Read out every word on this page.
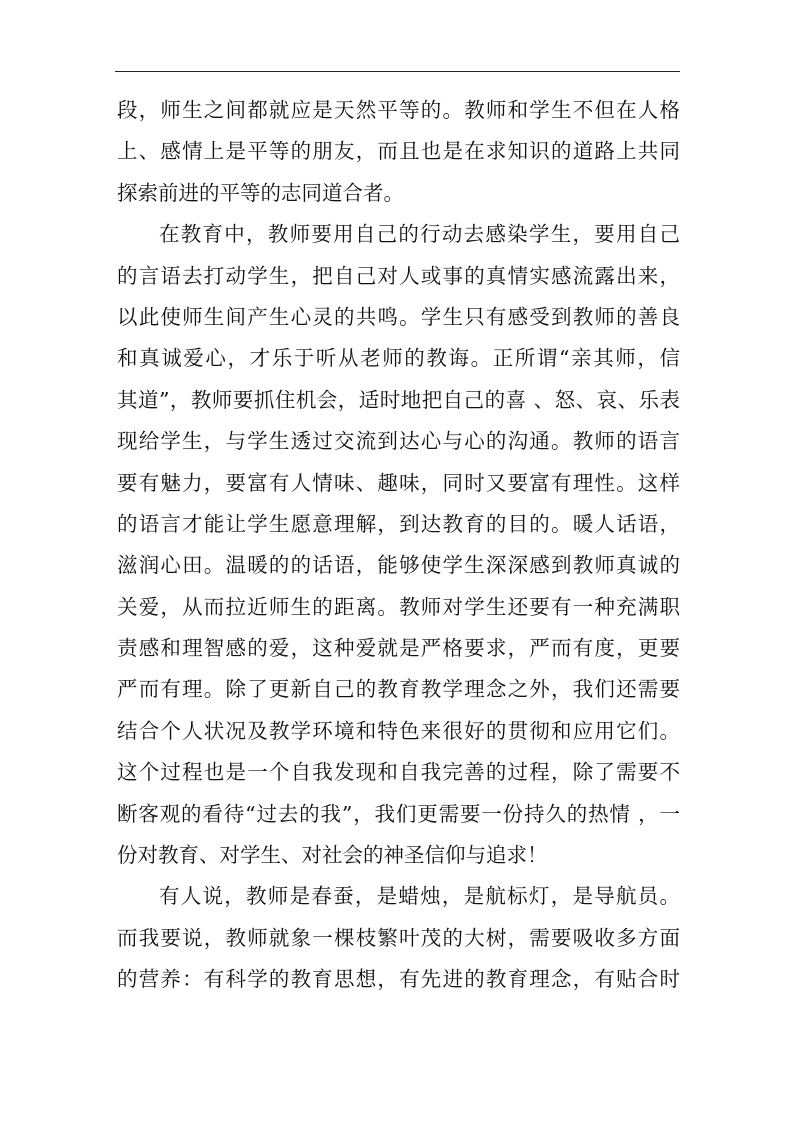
段，师生之间都就应是天然平等的。教师和学生不但在人格
上、感情上是平等的朋友，而且也是在求知识的道路上共同
探索前进的平等的志同道合者。
在教育中，教师要用自己的行动去感染学生，要用自己
的言语去打动学生，把自己对人或事的真情实感流露出来，
以此使师生间产生心灵的共鸣。学生只有感受到教师的善良
和真诚爱心，才乐于听从老师的教诲。正所谓“亲其师，信
其道”，教师要抓住机会，适时地把自己的喜 、怒、哀、乐表
现给学生，与学生透过交流到达心与心的沟通。教师的语言
要有魅力，要富有人情味、趣味，同时又要富有理性。这样
的语言才能让学生愿意理解，到达教育的目的。暖人话语，
滋润心田。温暖的的话语，能够使学生深深感到教师真诚的
关爱，从而拉近师生的距离。教师对学生还要有一种充满职
责感和理智感的爱，这种爱就是严格要求，严而有度，更要
严而有理。除了更新自己的教育教学理念之外，我们还需要
结合个人状况及教学环境和特色来很好的贯彻和应用它们。
这个过程也是一个自我发现和自我完善的过程，除了需要不
断客观的看待“过去的我”，我们更需要一份持久的热情 ，一
份对教育、对学生、对社会的神圣信仰与追求！
有人说，教师是春蚕，是蜡烛，是航标灯，是导航员。
而我要说，教师就象一棵枝繁叶茂的大树，需要吸收多方面
的营养：有科学的教育思想，有先进的教育理念，有贴合时
